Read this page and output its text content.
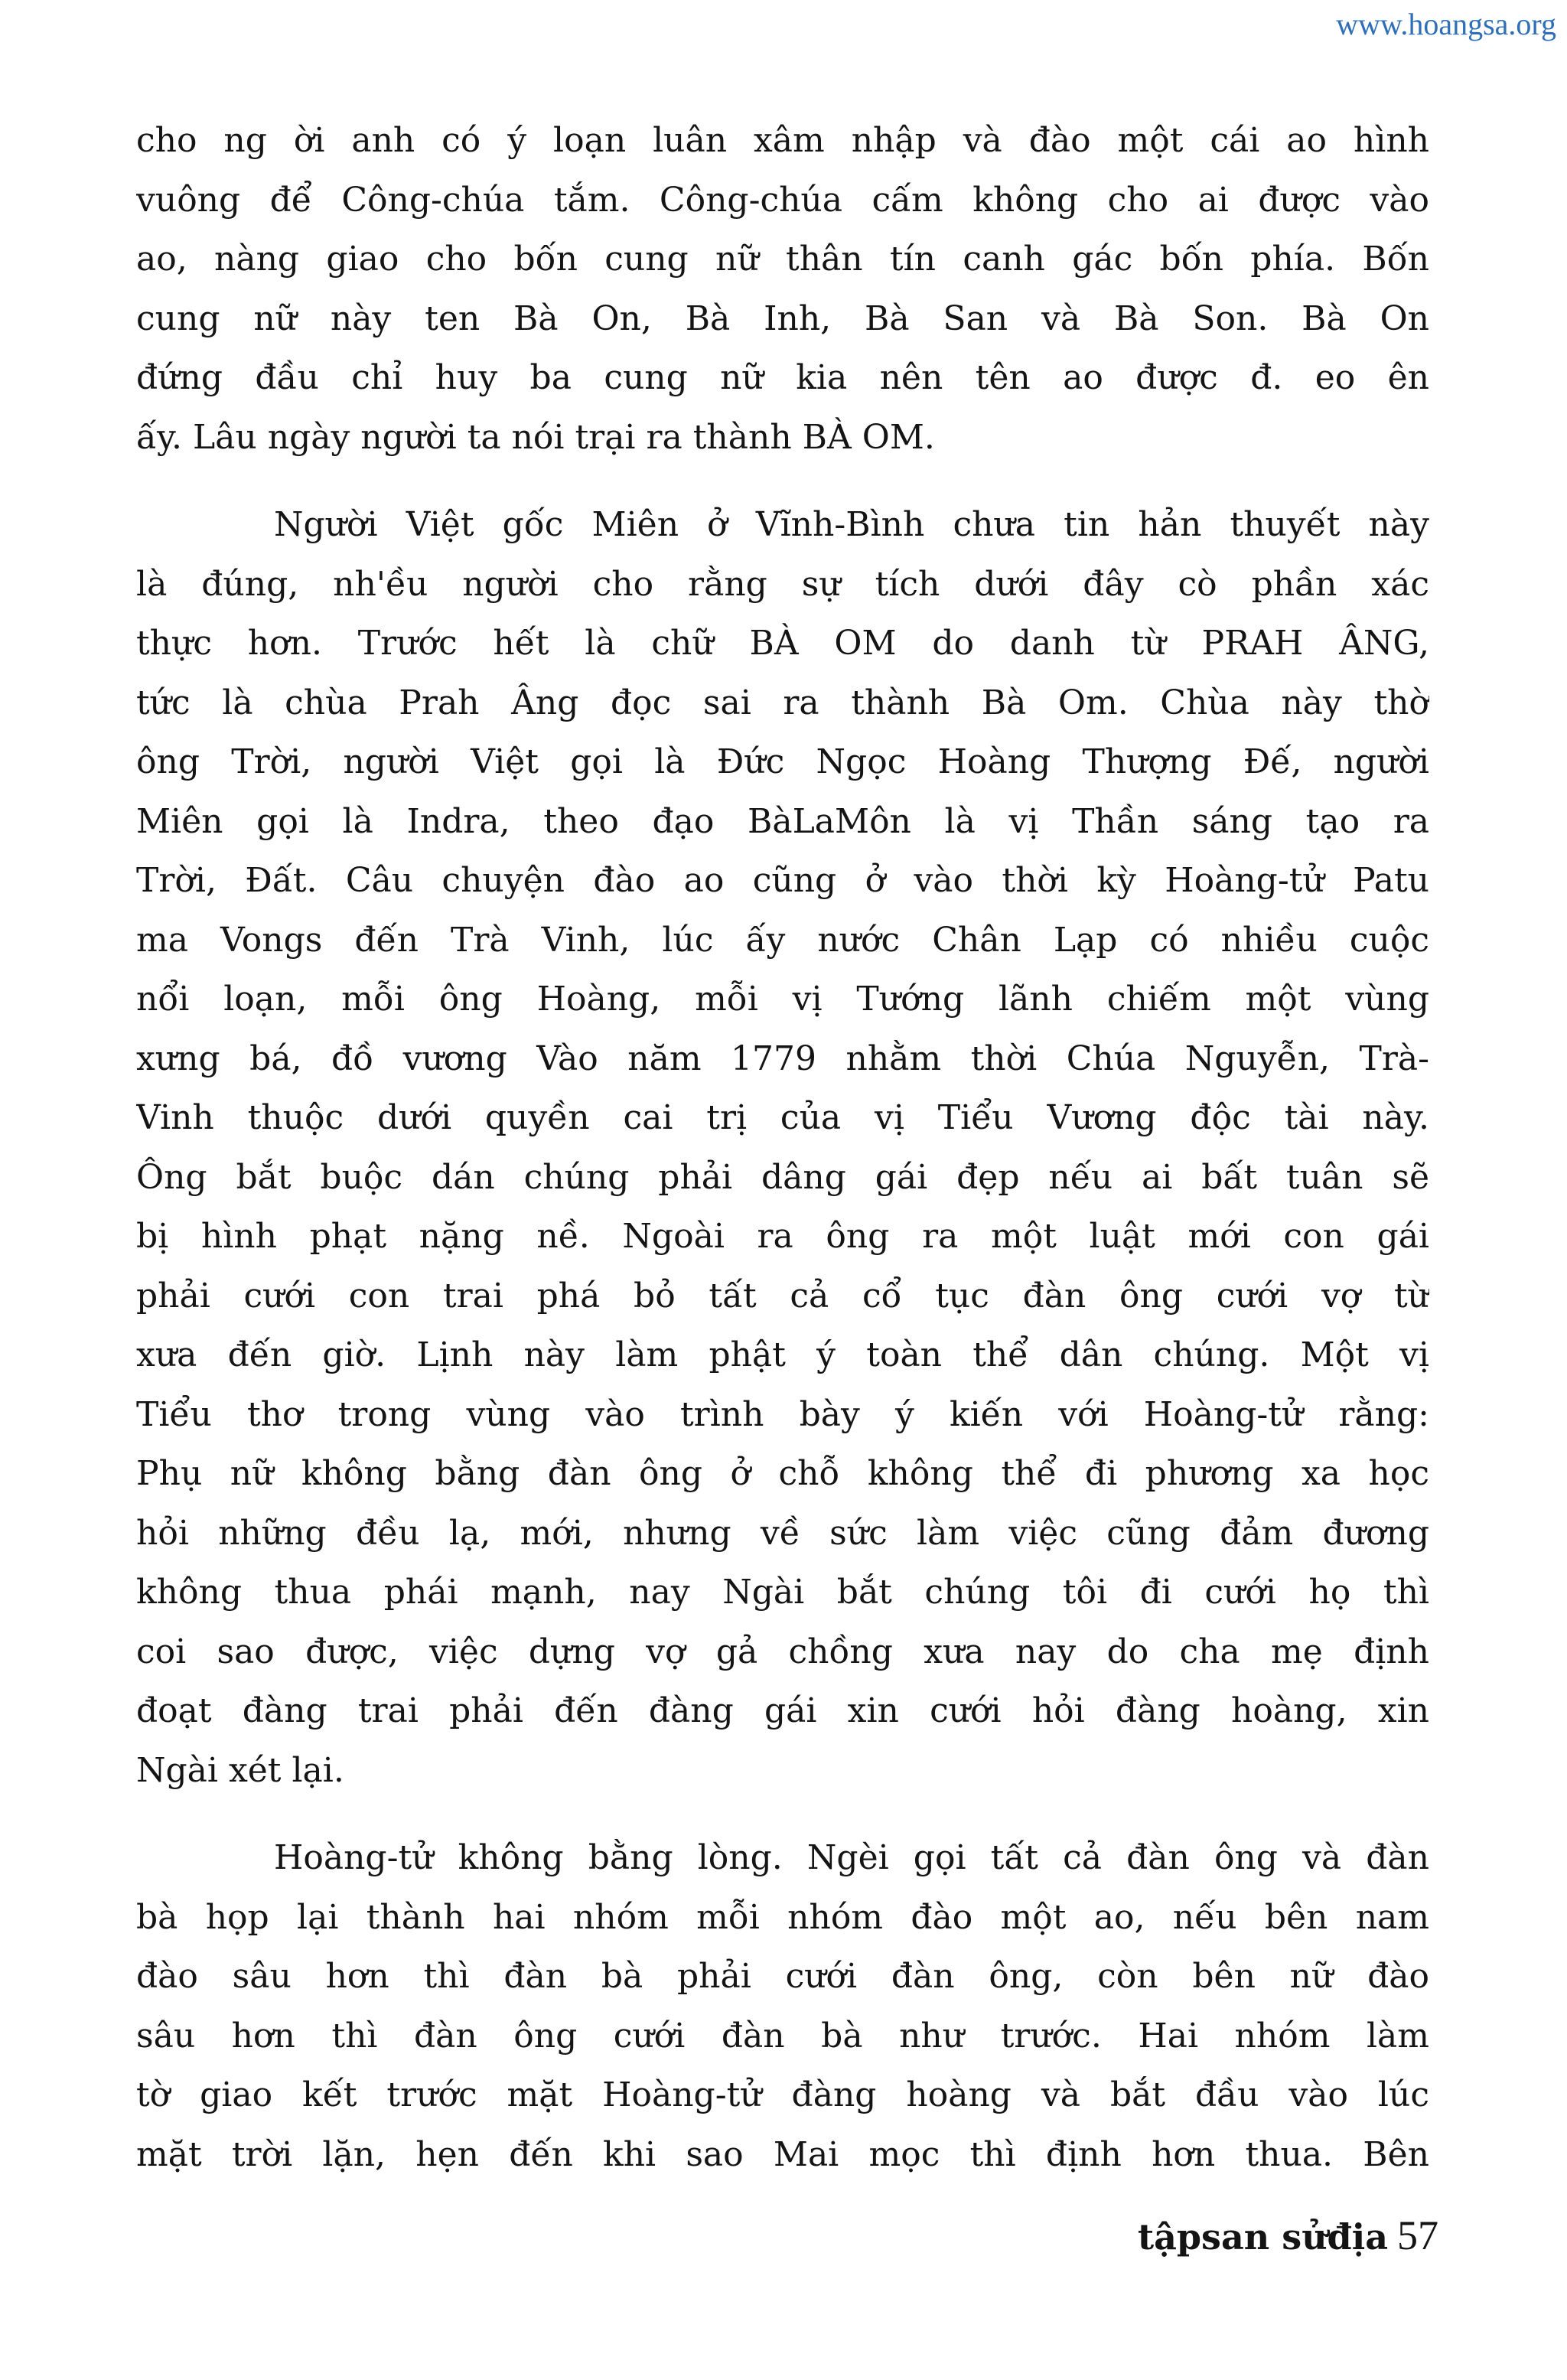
www.hoangsa.org
cho ng ời anh có ý loạn luân xâm nhập và đào một cái ao hình
vuông để Công-chúa tắm. Công-chúa cấm không cho ai được vào
ao, nàng giao cho bốn cung nữ thân tín canh gác bốn phía. Bốn
cung nữ này ten Bà On, Bà Inh, Bà San và Bà Son. Bà On
đứng đầu chỉ huy ba cung nữ kia nên tên ao được đ. eo ên
ấy. Lâu ngày người ta nói trại ra thành BÀ OM.
Người Việt gốc Miên ở Vĩnh-Bình chưa tin hản thuyết này
là đúng, nh'ều người cho rằng sự tích dưới đây cò phần xác
thực hơn. Trước hết là chữ BÀ OM do danh từ PRAH ÂNG,
tức là chùa Prah Âng đọc sai ra thành Bà Om. Chùa này thờ
ông Trời, người Việt gọi là Đức Ngọc Hoàng Thượng Đế, người
Miên gọi là Indra, theo đạo BàLaMôn là vị Thần sáng tạo ra
Trời, Đất. Câu chuyện đào ao cũng ở vào thời kỳ Hoàng-tử Patu
ma Vongs đến Trà Vinh, lúc ấy nước Chân Lạp có nhiều cuộc
nổi loạn, mỗi ông Hoàng, mỗi vị Tướng lãnh chiếm một vùng
xưng bá, đồ vương Vào năm 1779 nhằm thời Chúa Nguyễn, Trà-
Vinh thuộc dưới quyền cai trị của vị Tiểu Vương độc tài này.
Ông bắt buộc dán chúng phải dâng gái đẹp nếu ai bất tuân sẽ
bị hình phạt nặng nề. Ngoài ra ông ra một luật mới con gái
phải cưới con trai phá bỏ tất cả cổ tục đàn ông cưới vợ từ
xưa đến giờ. Lịnh này làm phật ý toàn thể dân chúng. Một vị
Tiểu thơ trong vùng vào trình bày ý kiến với Hoàng-tử rằng:
Phụ nữ không bằng đàn ông ở chỗ không thể đi phương xa học
hỏi những đều lạ, mới, nhưng về sức làm việc cũng đảm đương
không thua phái mạnh, nay Ngài bắt chúng tôi đi cưới họ thì
coi sao được, việc dựng vợ gả chồng xưa nay do cha mẹ định
đoạt đàng trai phải đến đàng gái xin cưới hỏi đàng hoàng, xin
Ngài xét lại.
Hoàng-tử không bằng lòng. Ngèi gọi tất cả đàn ông và đàn
bà họp lại thành hai nhóm mỗi nhóm đào một ao, nếu bên nam
đào sâu hơn thì đàn bà phải cưới đàn ông, còn bên nữ đào
sâu hơn thì đàn ông cưới đàn bà như trước. Hai nhóm làm
tờ giao kết trước mặt Hoàng-tử đàng hoàng và bắt đầu vào lúc
mặt trời lặn, hẹn đến khi sao Mai mọc thì định hơn thua. Bên
tậpsan sửđịa 57
